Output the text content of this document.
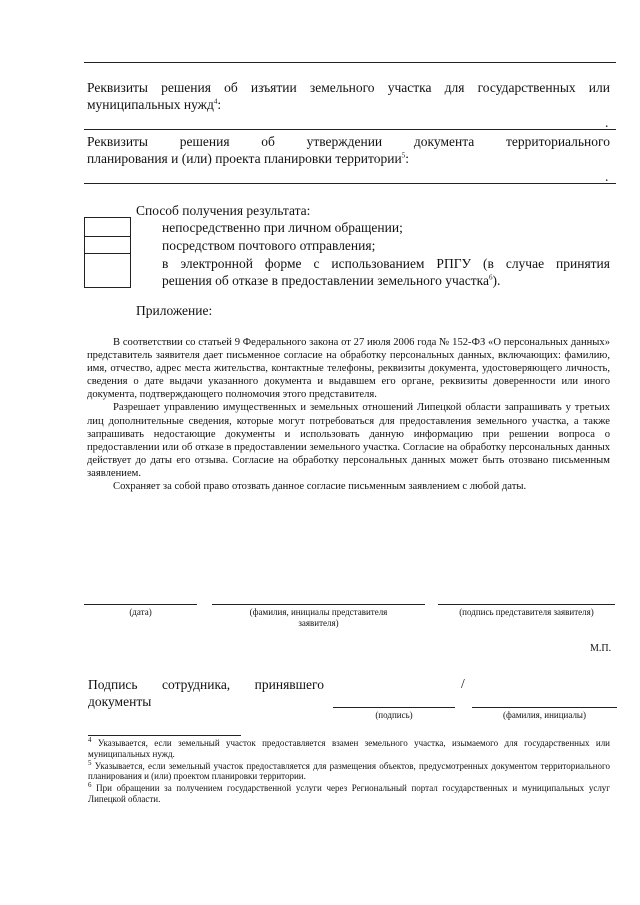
Реквизиты решения об изъятии земельного участка для государственных или
муниципальных нужд$^4$:
.
Реквизиты решения об утверждении документа территориального
планирования и (или) проекта планировки территории$^5$:
.
Способ получения результата:
непосредственно при личном обращении;
посредством почтового отправления;
в электронной форме с использованием РПГУ (в случае принятия
решения об отказе в предоставлении земельного участка$^6$).
Приложение:

В соответствии со статьей 9 Федерального закона от 27 июля 2006 года № 152-ФЗ «О персональных данных» представитель заявителя дает письменное согласие на обработку персональных данных, включающих: фамилию, имя, отчество, адрес места жительства, контактные телефоны, реквизиты документа, удостоверяющего личность, сведения о дате выдачи указанного документа и выдавшем его органе, реквизиты доверенности или иного документа, подтверждающего полномочия этого представителя.

Разрешает управлению имущественных и земельных отношений Липецкой области запрашивать у третьих лиц дополнительные сведения, которые могут потребоваться для предоставления земельного участка, а также запрашивать недостающие документы и использовать данную информацию при решении вопроса о предоставлении или об отказе в предоставлении земельного участка. Согласие на обработку персональных данных действует до даты его отзыва. Согласие на обработку персональных данных может быть отозвано письменным заявлением.

Сохраняет за собой право отозвать данное согласие письменным заявлением с любой даты.

(дата)	(фамилия, инициалы представителя
заявителя)
(подпись представителя заявителя)
М.П.
Подпись сотрудника, принявшего
документы
/
(подпись)	(фамилия, инициалы)

$^4$ Указывается, если земельный участок предоставляется взамен земельного участка, изымаемого для государственных или муниципальных нужд.

$^5$ Указывается, если земельный участок предоставляется для размещения объектов, предусмотренных документом территориального планирования и (или) проектом планировки территории.

$^6$ При обращении за получением государственной услуги через Региональный портал государственных и муниципальных услуг Липецкой области.
